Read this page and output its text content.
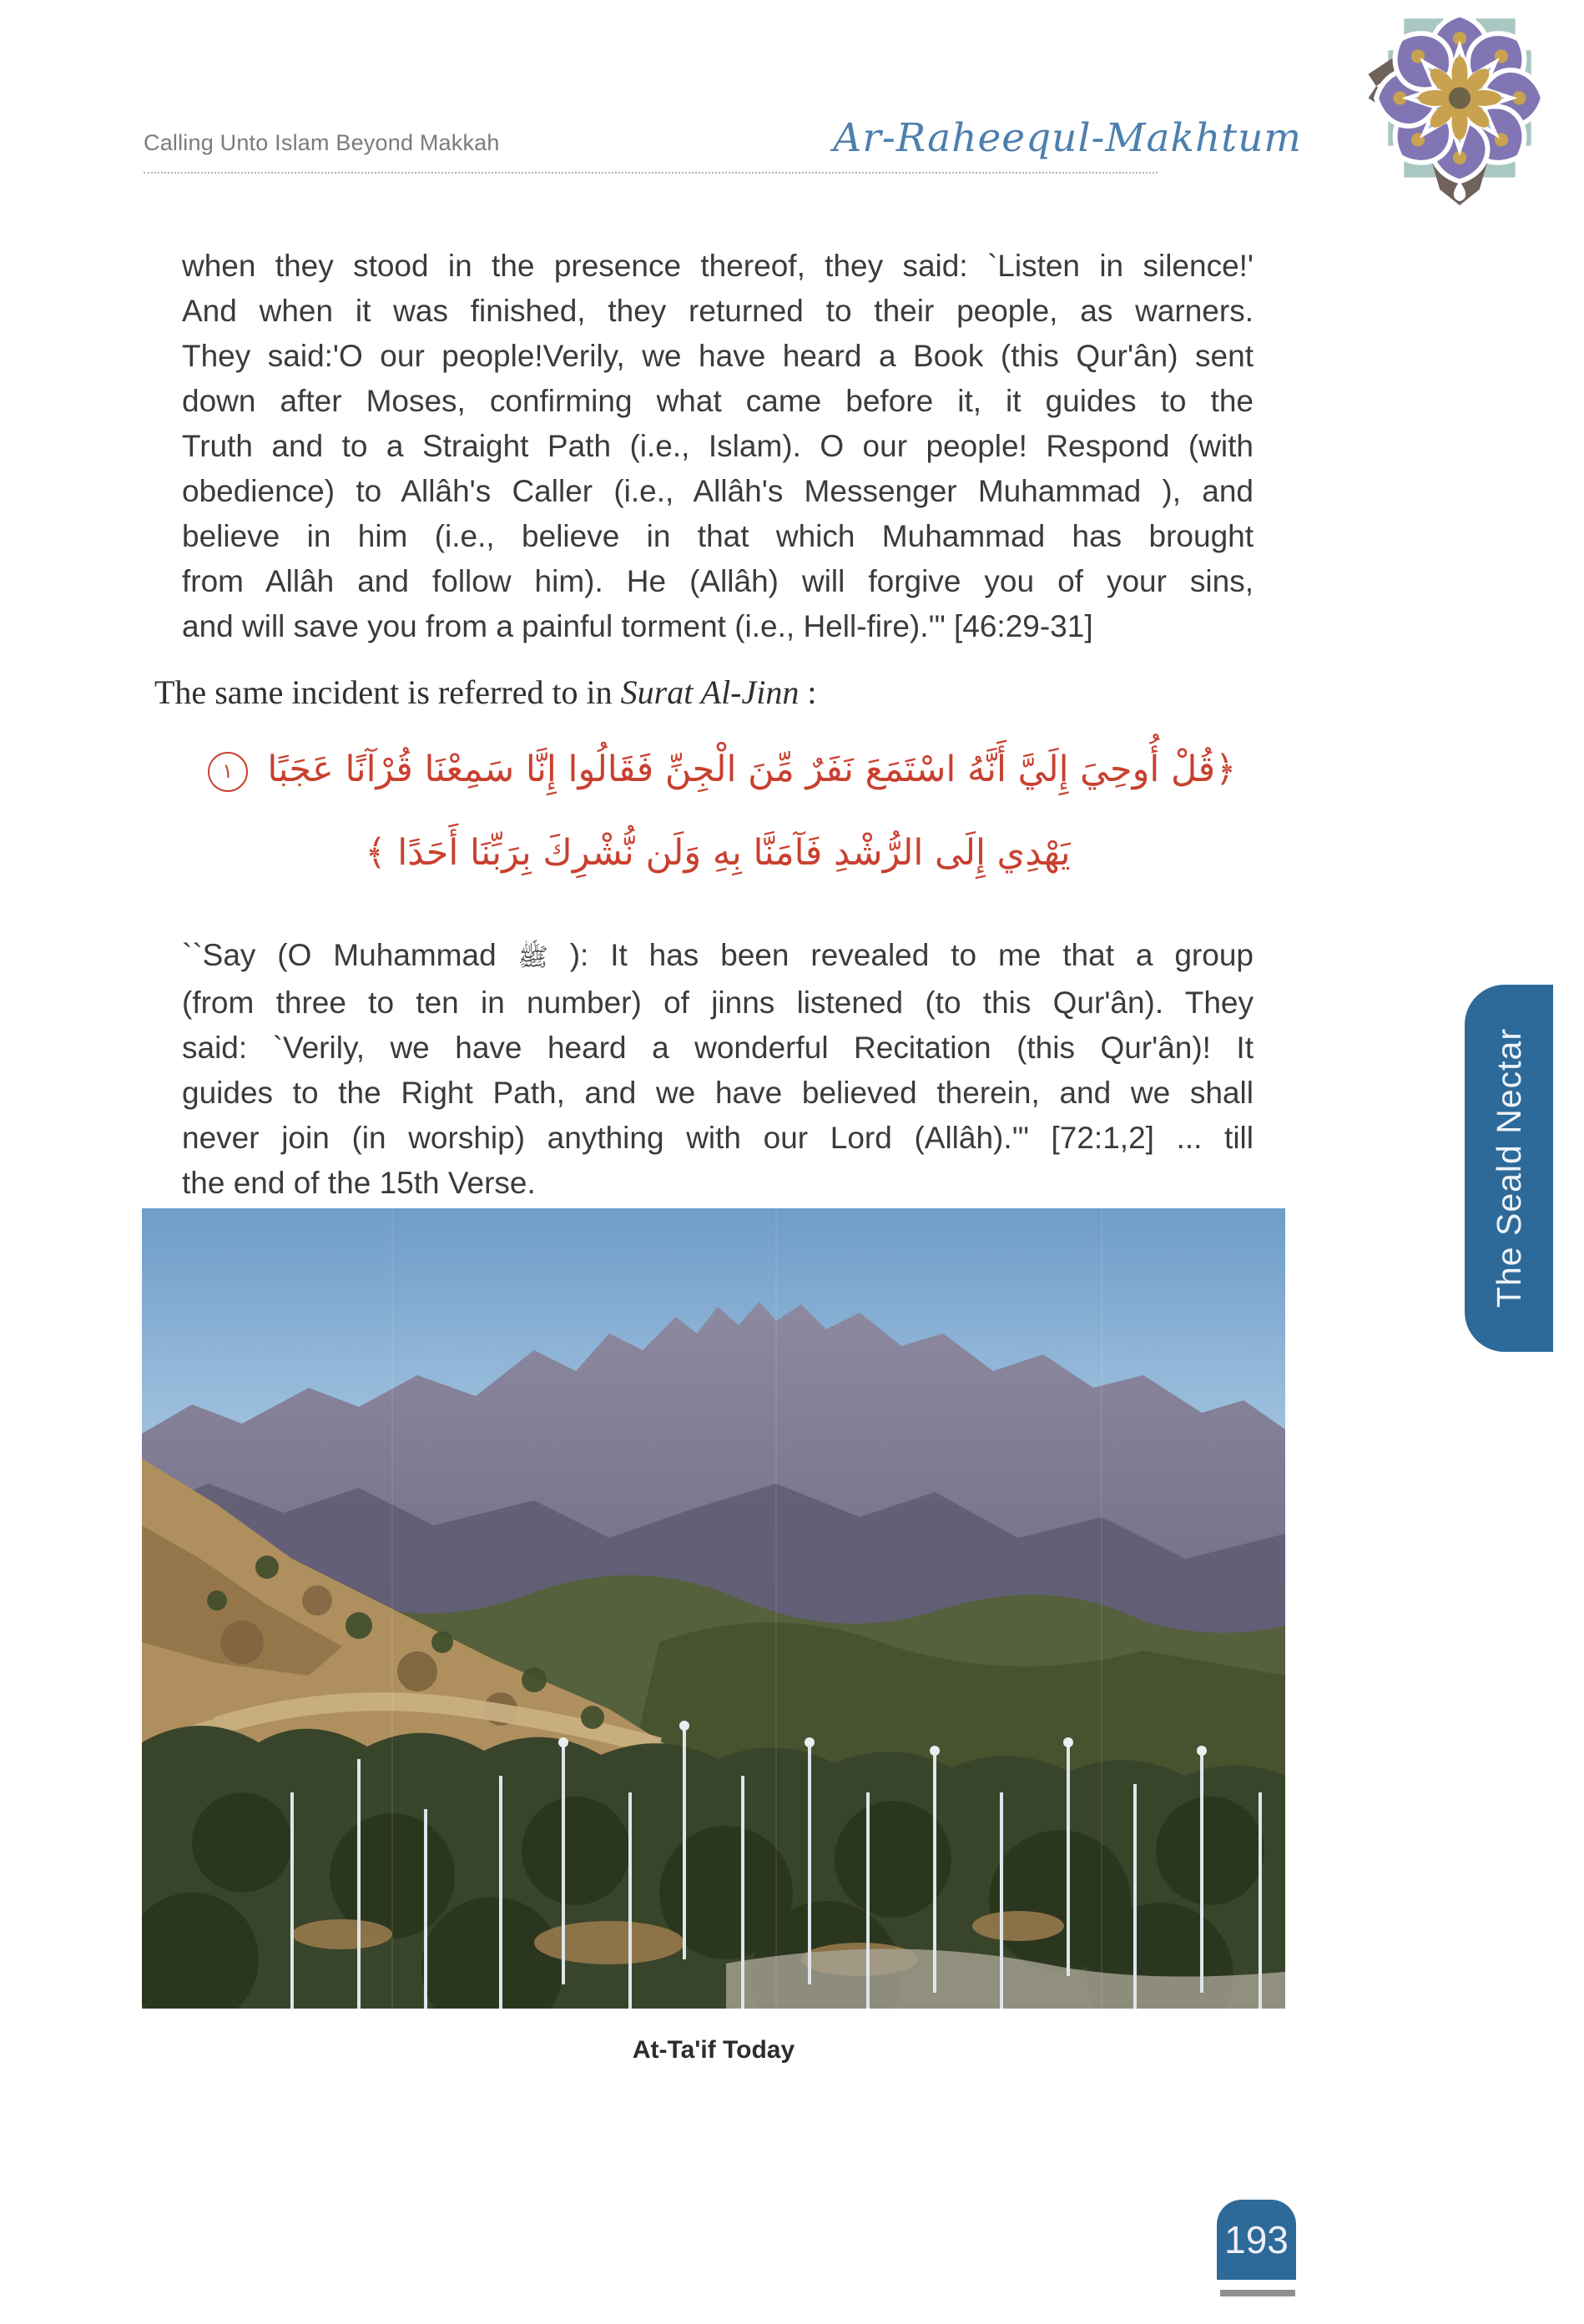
Calling Unto Islam Beyond Makkah	Ar-Raheequl-Makhtum
when they stood in the presence thereof, they said: `Listen in silence!'
And when it was finished, they returned to their people, as warners.
They said:'O our people!Verily, we have heard a Book (this Qur'ân) sent
down after Moses, confirming what came before it, it guides to the
Truth and to a Straight Path (i.e., Islam). O our people! Respond (with
obedience) to Allâh's Caller (i.e., Allâh's Messenger Muhammad ), and
believe in him (i.e., believe in that which Muhammad has brought
from Allâh and follow him). He (Allâh) will forgive you of your sins,
and will save you from a painful torment (i.e., Hell-fire).'" [46:29-31]
The same incident is referred to in Surat Al-Jinn :
﴿قُلْ أُوحِيَ إِلَيَّ أَنَّهُ اسْتَمَعَ نَفَرٌ مِّنَ الْجِنِّ فَقَالُوا إِنَّا سَمِعْنَا قُرْآنًا عَجَبًا ١
يَهْدِي إِلَى الرُّشْدِ فَآمَنَّا بِهِ وَلَن نُّشْرِكَ بِرَبِّنَا أَحَدًا ﴾
``Say (O Muhammad ﷺ ): It has been revealed to me that a group
(from three to ten in number) of jinns listened (to this Qur'ân). They
said: `Verily, we have heard a wonderful Recitation (this Qur'ân)! It
guides to the Right Path, and we have believed therein, and we shall
never join (in worship) anything with our Lord (Allâh).'" [72:1,2] ... till
the end of the 15th Verse.
At-Ta'if Today
The Seald Nectar
193
